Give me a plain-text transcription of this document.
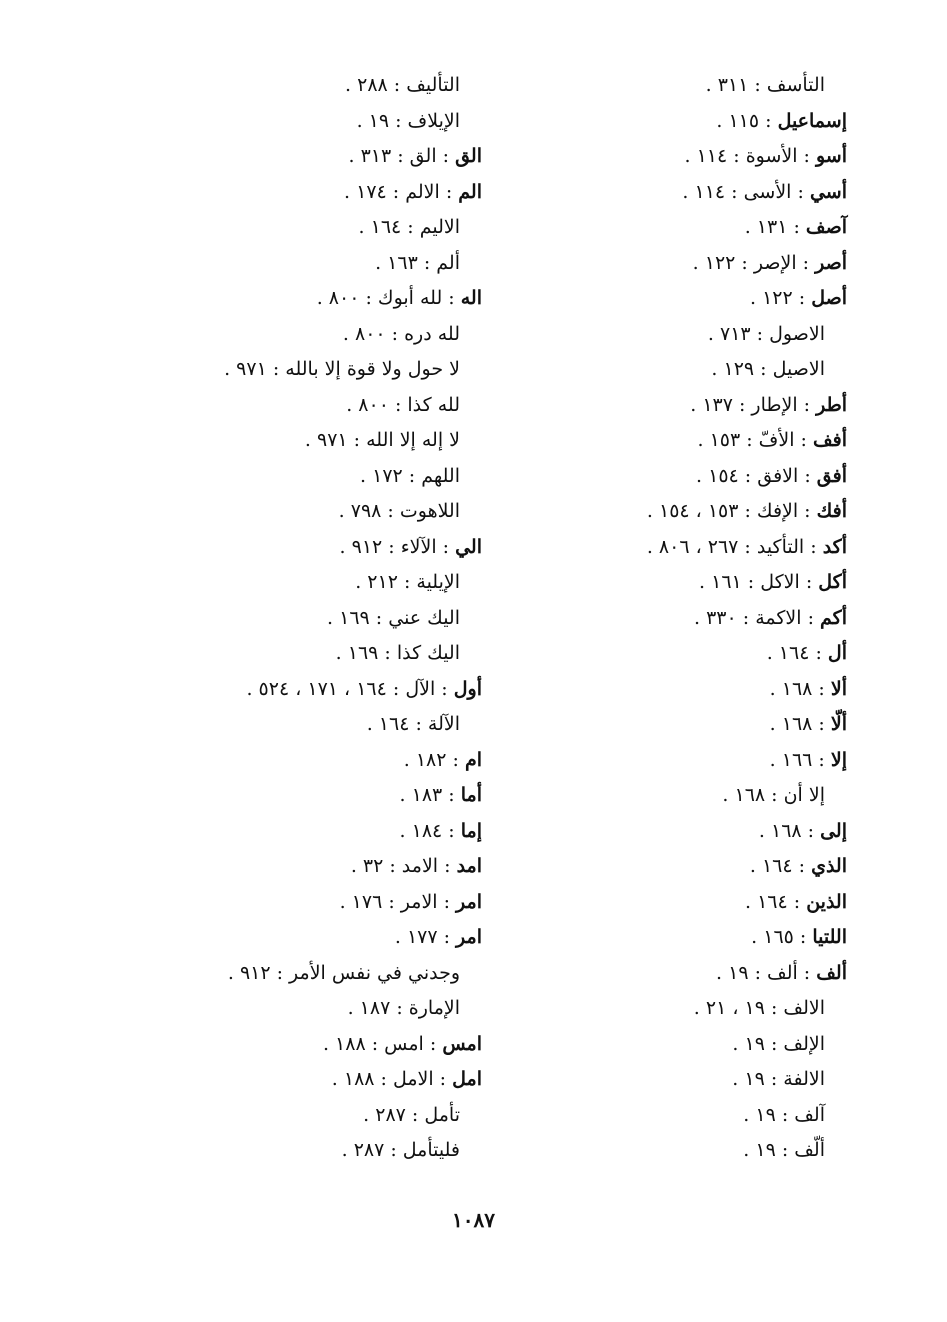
التأسف : ٣١١ .
إسماعيل : ١١٥ .
أسو : الأسوة : ١١٤ .
أسي : الأسى : ١١٤ .
آصف : ١٣١ .
أصر : الإصر : ١٢٢ .
أصل : ١٢٢ .
الاصول : ٧١٣ .
الاصيل : ١٢٩ .
أطر : الإطار : ١٣٧ .
أفف : الأفّ : ١٥٣ .
أفق : الافق : ١٥٤ .
أفك : الإفك : ١٥٣ ، ١٥٤ .
أكد : التأكيد : ٢٦٧ ، ٨٠٦ .
أكل : الاكل : ١٦١ .
أكم : الاكمة : ٣٣٠ .
أل : ١٦٤ .
ألا : ١٦٨ .
ألّا : ١٦٨ .
إلا : ١٦٦ .
إلا أن : ١٦٨ .
إلى : ١٦٨ .
الذي : ١٦٤ .
الذين : ١٦٤ .
اللتيا : ١٦٥ .
ألف : ألف : ١٩ .
الالف : ١٩ ، ٢١ .
الإلف : ١٩ .
الالفة : ١٩ .
آلف : ١٩ .
ألّف : ١٩ .
التأليف : ٢٨٨ .
الإيلاف : ١٩ .
الق : الق : ٣١٣ .
الم : الالم : ١٧٤ .
الاليم : ١٦٤ .
ألم : ١٦٣ .
اله : لله أبوك : ٨٠٠ .
لله دره : ٨٠٠ .
لا حول ولا قوة إلا بالله : ٩٧١ .
لله كذا : ٨٠٠ .
لا إله إلا الله : ٩٧١ .
اللهم : ١٧٢ .
اللاهوت : ٧٩٨ .
الي : الآلاء : ٩١٢ .
الإيلية : ٢١٢ .
اليك عني : ١٦٩ .
اليك كذا : ١٦٩ .
أول : الآل : ١٦٤ ، ١٧١ ، ٥٢٤ .
الآلة : ١٦٤ .
ام : ١٨٢ .
أما : ١٨٣ .
إما : ١٨٤ .
امد : الامد : ٣٢ .
امر : الامر : ١٧٦ .
امر : ١٧٧ .
وجدني في نفس الأمر : ٩١٢ .
الإمارة : ١٨٧ .
امس : امس : ١٨٨ .
امل : الامل : ١٨٨ .
تأمل : ٢٨٧ .
فليتأمل : ٢٨٧ .
١٠٨٧
